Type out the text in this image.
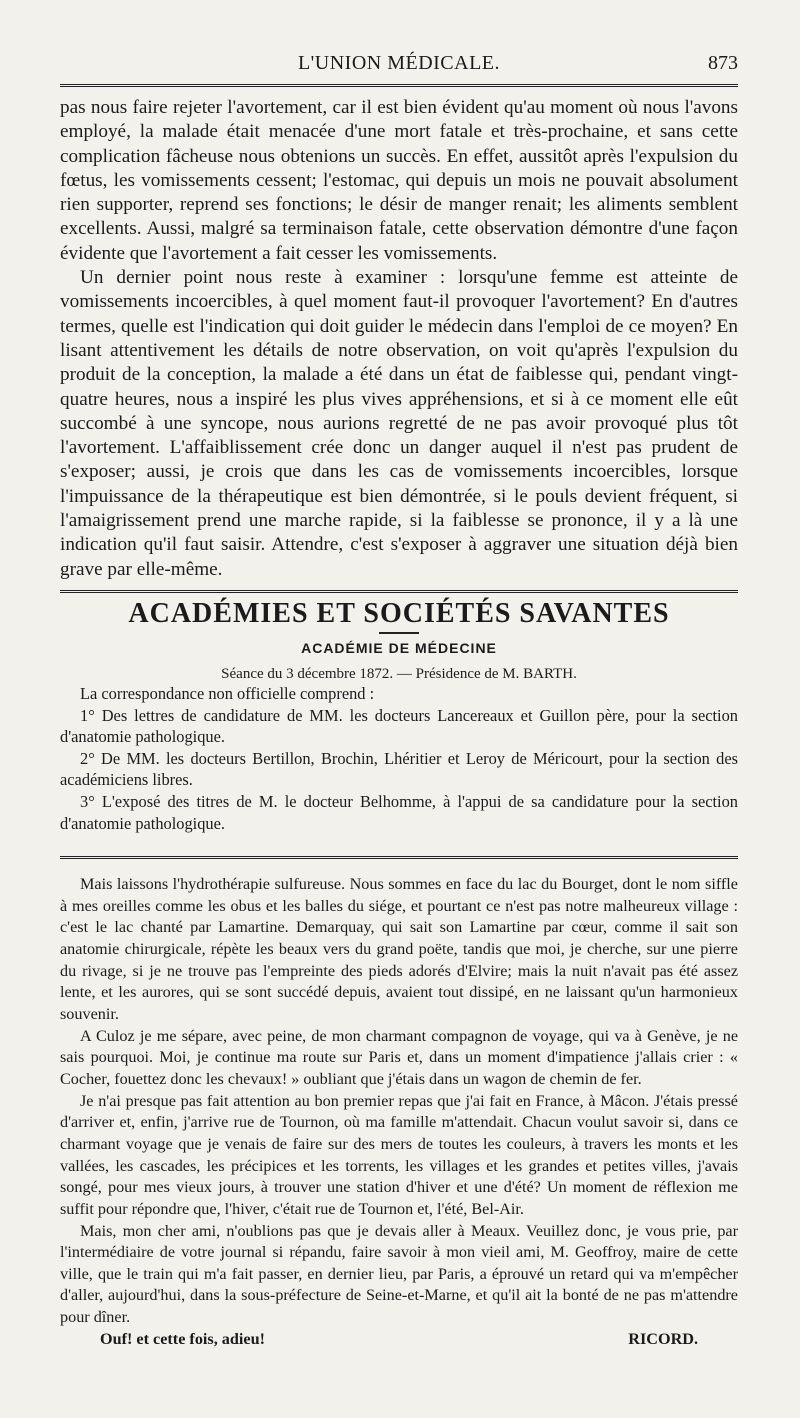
L'UNION MÉDICALE.	873

pas nous faire rejeter l'avortement, car il est bien évident qu'au moment où nous l'avons employé, la malade était menacée d'une mort fatale et très-prochaine, et sans cette complication fâcheuse nous obtenions un succès. En effet, aussitôt après l'expulsion du fœtus, les vomissements cessent; l'estomac, qui depuis un mois ne pouvait absolument rien supporter, reprend ses fonctions; le désir de manger renait; les aliments semblent excellents. Aussi, malgré sa terminaison fatale, cette observation démontre d'une façon évidente que l'avortement a fait cesser les vomissements.

Un dernier point nous reste à examiner : lorsqu'une femme est atteinte de vomissements incoercibles, à quel moment faut-il provoquer l'avortement? En d'autres termes, quelle est l'indication qui doit guider le médecin dans l'emploi de ce moyen? En lisant attentivement les détails de notre observation, on voit qu'après l'expulsion du produit de la conception, la malade a été dans un état de faiblesse qui, pendant vingt-quatre heures, nous a inspiré les plus vives appréhensions, et si à ce moment elle eût succombé à une syncope, nous aurions regretté de ne pas avoir provoqué plus tôt l'avortement. L'affaiblissement crée donc un danger auquel il n'est pas prudent de s'exposer; aussi, je crois que dans les cas de vomissements incoercibles, lorsque l'impuissance de la thérapeutique est bien démontrée, si le pouls devient fréquent, si l'amaigrissement prend une marche rapide, si la faiblesse se prononce, il y a là une indication qu'il faut saisir. Attendre, c'est s'exposer à aggraver une situation déjà bien grave par elle-même.

ACADÉMIES ET SOCIÉTÉS SAVANTES
ACADÉMIE DE MÉDECINE

Séance du 3 décembre 1872. — Présidence de M. BARTH.

La correspondance non officielle comprend :

1° Des lettres de candidature de MM. les docteurs Lancereaux et Guillon père, pour la section d'anatomie pathologique.

2° De MM. les docteurs Bertillon, Brochin, Lhéritier et Leroy de Méricourt, pour la section des académiciens libres.

3° L'exposé des titres de M. le docteur Belhomme, à l'appui de sa candidature pour la section d'anatomie pathologique.

Mais laissons l'hydrothérapie sulfureuse. Nous sommes en face du lac du Bourget, dont le nom siffle à mes oreilles comme les obus et les balles du siége, et pourtant ce n'est pas notre malheureux village : c'est le lac chanté par Lamartine. Demarquay, qui sait son Lamartine par cœur, comme il sait son anatomie chirurgicale, répète les beaux vers du grand poëte, tandis que moi, je cherche, sur une pierre du rivage, si je ne trouve pas l'empreinte des pieds adorés d'Elvire; mais la nuit n'avait pas été assez lente, et les aurores, qui se sont succédé depuis, avaient tout dissipé, en ne laissant qu'un harmonieux souvenir.

A Culoz je me sépare, avec peine, de mon charmant compagnon de voyage, qui va à Genève, je ne sais pourquoi. Moi, je continue ma route sur Paris et, dans un moment d'impatience j'allais crier : « Cocher, fouettez donc les chevaux! » oubliant que j'étais dans un wagon de chemin de fer.

Je n'ai presque pas fait attention au bon premier repas que j'ai fait en France, à Mâcon. J'étais pressé d'arriver et, enfin, j'arrive rue de Tournon, où ma famille m'attendait. Chacun voulut savoir si, dans ce charmant voyage que je venais de faire sur des mers de toutes les couleurs, à travers les monts et les vallées, les cascades, les précipices et les torrents, les villages et les grandes et petites villes, j'avais songé, pour mes vieux jours, à trouver une station d'hiver et une d'été? Un moment de réflexion me suffit pour répondre que, l'hiver, c'était rue de Tournon et, l'été, Bel-Air.

Mais, mon cher ami, n'oublions pas que je devais aller à Meaux. Veuillez donc, je vous prie, par l'intermédiaire de votre journal si répandu, faire savoir à mon vieil ami, M. Geoffroy, maire de cette ville, que le train qui m'a fait passer, en dernier lieu, par Paris, a éprouvé un retard qui va m'empêcher d'aller, aujourd'hui, dans la sous-préfecture de Seine-et-Marne, et qu'il ait la bonté de ne pas m'attendre pour dîner.

Ouf! et cette fois, adieu!	RICORD.
